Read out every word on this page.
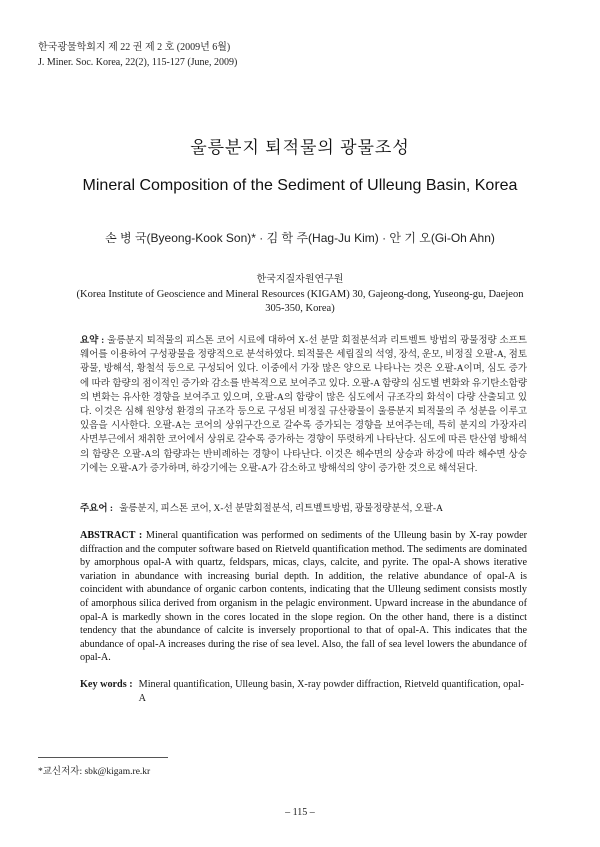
한국광물학회지 제 22 권 제 2 호 (2009년 6월)
J. Miner. Soc. Korea, 22(2), 115-127 (June, 2009)
울릉분지 퇴적물의 광물조성
Mineral Composition of the Sediment of Ulleung Basin, Korea
손 병 국(Byeong-Kook Son)* · 김 학 주(Hag-Ju Kim) · 안 기 오(Gi-Oh Ahn)
한국지질자원연구원
(Korea Institute of Geoscience and Mineral Resources (KIGAM) 30, Gajeong-dong, Yuseong-gu, Daejeon
305-350, Korea)
요약 : 울릉분지 퇴적물의 피스톤 코어 시료에 대하여 X-선 분말 회절분석과 리트벨트 방법의 광물정량 소프트웨어를 이용하여 구성광물을 정량적으로 분석하였다. 퇴적물은 세립질의 석영, 장석, 운모, 비정질 오팔-A, 점토광물, 방해석, 황철석 등으로 구성되어 있다. 이중에서 가장 많은 양으로 나타나는 것은 오팔-A이며, 심도 증가에 따라 함량의 점이적인 증가와 감소를 반복적으로 보여주고 있다. 오팔-A 함량의 심도별 변화와 유기탄소함량의 변화는 유사한 경향을 보여주고 있으며, 오팔-A의 함량이 많은 심도에서 규조각의 화석이 다량 산출되고 있다. 이것은 심해 원양성 환경의 규조각 등으로 구성된 비정질 규산광물이 울릉분지 퇴적물의 주 성분을 이루고 있음을 시사한다. 오팔-A는 코어의 상위구간으로 갈수록 증가되는 경향을 보여주는데, 특히 분지의 가장자리 사면부근에서 채취한 코어에서 상위로 갈수록 증가하는 경향이 뚜렷하게 나타난다. 심도에 따른 탄산염 방해석의 함량은 오팔-A의 함량과는 반비례하는 경향이 나타난다. 이것은 해수면의 상승과 하강에 따라 해수면 상승기에는 오팔-A가 증가하며, 하강기에는 오팔-A가 감소하고 방해석의 양이 증가한 것으로 해석된다.
주요어 : 울릉분지, 피스톤 코어, X-선 분말회절분석, 리트벨트방법, 광물정량분석, 오팔-A
ABSTRACT : Mineral quantification was performed on sediments of the Ulleung basin by X-ray powder diffraction and the computer software based on Rietveld quantification method. The sediments are dominated by amorphous opal-A with quartz, feldspars, micas, clays, calcite, and pyrite. The opal-A shows iterative variation in abundance with increasing burial depth. In addition, the relative abundance of opal-A is coincident with abundance of organic carbon contents, indicating that the Ulleung sediment consists mostly of amorphous silica derived from organism in the pelagic environment. Upward increase in the abundance of opal-A is markedly shown in the cores located in the slope region. On the other hand, there is a distinct tendency that the abundance of calcite is inversely proportional to that of opal-A. This indicates that the abundance of opal-A increases during the rise of sea level. Also, the fall of sea level lowers the abundance of opal-A.
Key words : Mineral quantification, Ulleung basin, X-ray powder diffraction, Rietveld quantification, opal-A
*교신저자: sbk@kigam.re.kr
– 115 –
